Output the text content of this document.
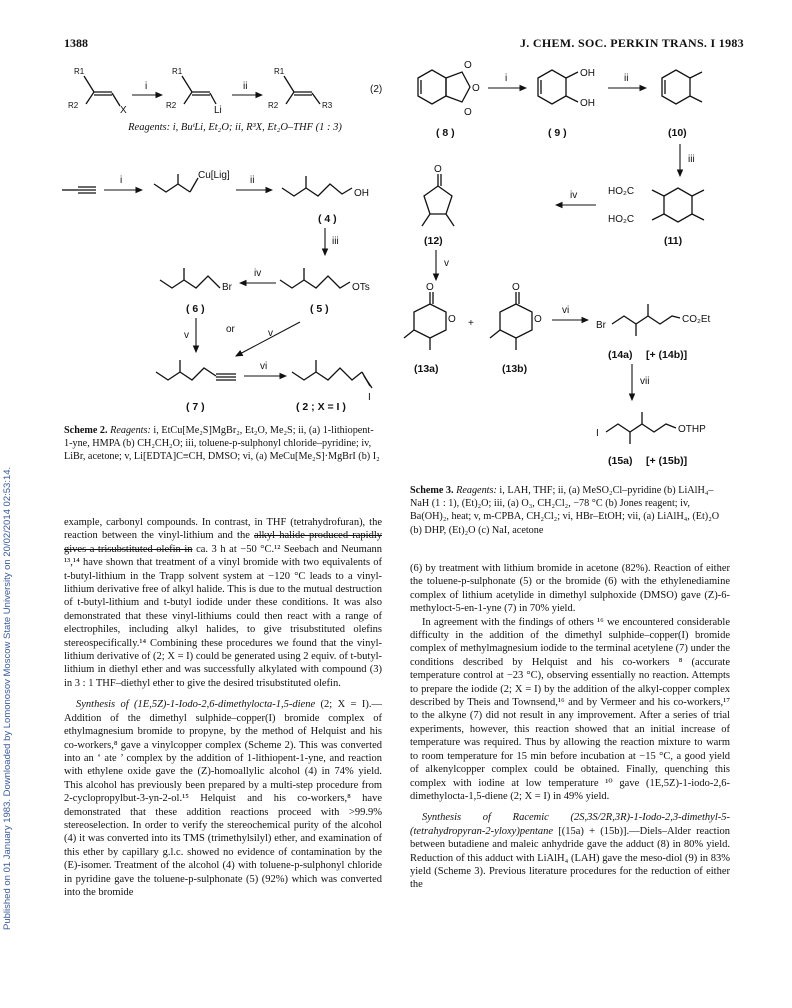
1388	J. CHEM. SOC. PERKIN TRANS. I 1983
Published on 01 January 1983. Downloaded by Lomonosov Moscow State University on 20/02/2014 02:53:14.
R1
R2	X
i
R1
R2	Li
ii
R1
R2	R3
(2)
i	Cu[Lig] ii
OH
( 4 )
iii
OTs
( 5 )
iv
Br
( 6 )
v
or	v
( 7 )
vi
I
( 2 ; X = I )
O
O
O
( 8 )
i	OH
OH
( 9 )
ii
(10)
iii
HO₂C
HO₂C
(11)
iv
O
(12)
v
O
O
(13a)
+
O
O
(13b)
vi
Br
CO₂Et
(14a) [+ (14b)]
vii
I	OTHP
(15a) [+ (15b)]
Reagents: i, BuᵗLi, Et₂O; ii, R³X, Et₂O–THF (1 : 3)
Scheme 2. Reagents: i, EtCu[Me₂S]MgBr₂, Et₂O, Me₂S; ii, (a) 1-lithiopent-1-yne, HMPA (b) CH₂CH₂O; iii, toluene-p-sulphonyl chloride–pyridine; iv, LiBr, acetone; v, Li[EDTA]C≡CH, DMSO; vi, (a) MeCu[Me₂S]·MgBrI (b) I₂
Scheme 3. Reagents: i, LAH, THF; ii, (a) MeSO₂Cl–pyridine (b) LiAlH₄–NaH (1 : 1), (Et)₂O; iii, (a) O₃, CH₂Cl₂, −78 °C (b) Jones reagent; iv, Ba(OH)₂, heat; v, m-CPBA, CH₂Cl₂; vi, HBr–EtOH; vii, (a) LiAlH₄, (Et)₂O (b) DHP, (Et)₂O (c) NaI, acetone

example, carbonyl compounds. In contrast, in THF (tetrahydrofuran), the reaction between the vinyl-lithium and the alkyl halide produced rapidly gives a trisubstituted olefin in ca. 3 h at −50 °C.¹² Seebach and Neumann ¹³,¹⁴ have shown that treatment of a vinyl bromide with two equivalents of t-butyl-lithium in the Trapp solvent system at −120 °C leads to a vinyl-lithium derivative free of alkyl halide. This is due to the mutual destruction of t-butyl-lithium and t-butyl iodide under these conditions. It was also demonstrated that these vinyl-lithiums could then react with a range of electrophiles, including alkyl halides, to give trisubstituted olefins stereospecifically.¹⁴ Combining these procedures we found that the vinyl-lithium derivative of (2; X = I) could be generated using 2 equiv. of t-butyl-lithium in diethyl ether and was successfully alkylated with compound (3) in 3 : 1 THF–diethyl ether to give the desired trisubstituted olefin.

Synthesis of (1E,5Z)-1-Iodo-2,6-dimethylocta-1,5-diene (2; X = I).—Addition of the dimethyl sulphide–copper(I) bromide complex of ethylmagnesium bromide to propyne, by the method of Helquist and his co-workers,⁸ gave a vinylcopper complex (Scheme 2). This was converted into an ‘ ate ’ complex by the addition of 1-lithiopent-1-yne, and reaction with ethylene oxide gave the (Z)-homoallylic alcohol (4) in 74% yield. This alcohol has previously been prepared by a multi-step procedure from 2-cyclopropylbut-3-yn-2-ol.¹⁵ Helquist and his co-workers,⁸ have demonstrated that these addition reactions proceed with >99.9% stereoselection. In order to verify the stereochemical purity of the alcohol (4) it was converted into its TMS (trimethylsilyl) ether, and examination of this ether by capillary g.l.c. showed no evidence of contamination by the (E)-isomer. Treatment of the alcohol (4) with toluene-p-sulphonyl chloride in pyridine gave the toluene-p-sulphonate (5) (92%) which was converted into the bromide

(6) by treatment with lithium bromide in acetone (82%). Reaction of either the toluene-p-sulphonate (5) or the bromide (6) with the ethylenediamine complex of lithium acetylide in dimethyl sulphoxide (DMSO) gave (Z)-6-methyloct-5-en-1-yne (7) in 70% yield.

In agreement with the findings of others ¹⁶ we encountered considerable difficulty in the addition of the dimethyl sulphide–copper(I) bromide complex of methylmagnesium iodide to the terminal acetylene (7) under the conditions described by Helquist and his co-workers ⁸ (accurate temperature control at −23 °C), observing essentially no reaction. Attempts to prepare the iodide (2; X = I) by the addition of the alkyl-copper complex described by Theis and Townsend,¹⁶ and by Vermeer and his co-workers,¹⁷ to the alkyne (7) did not result in any improvement. After a series of trial experiments, however, this reaction showed that an initial increase of temperature was required. Thus by allowing the reaction mixture to warm to room temperature for 15 min before incubation at −15 °C, a good yield of alkenylcopper complex could be obtained. Finally, quenching this complex with iodine at low temperature ¹⁰ gave (1E,5Z)-1-iodo-2,6-dimethylocta-1,5-diene (2; X = I) in 49% yield.

Synthesis of Racemic (2S,3S/2R,3R)-1-Iodo-2,3-dimethyl-5-(tetrahydropyran-2-yloxy)pentane [(15a) + (15b)].—Diels–Alder reaction between butadiene and maleic anhydride gave the adduct (8) in 80% yield. Reduction of this adduct with LiAlH₄ (LAH) gave the meso-diol (9) in 83% yield (Scheme 3). Previous literature procedures for the reduction of either the
